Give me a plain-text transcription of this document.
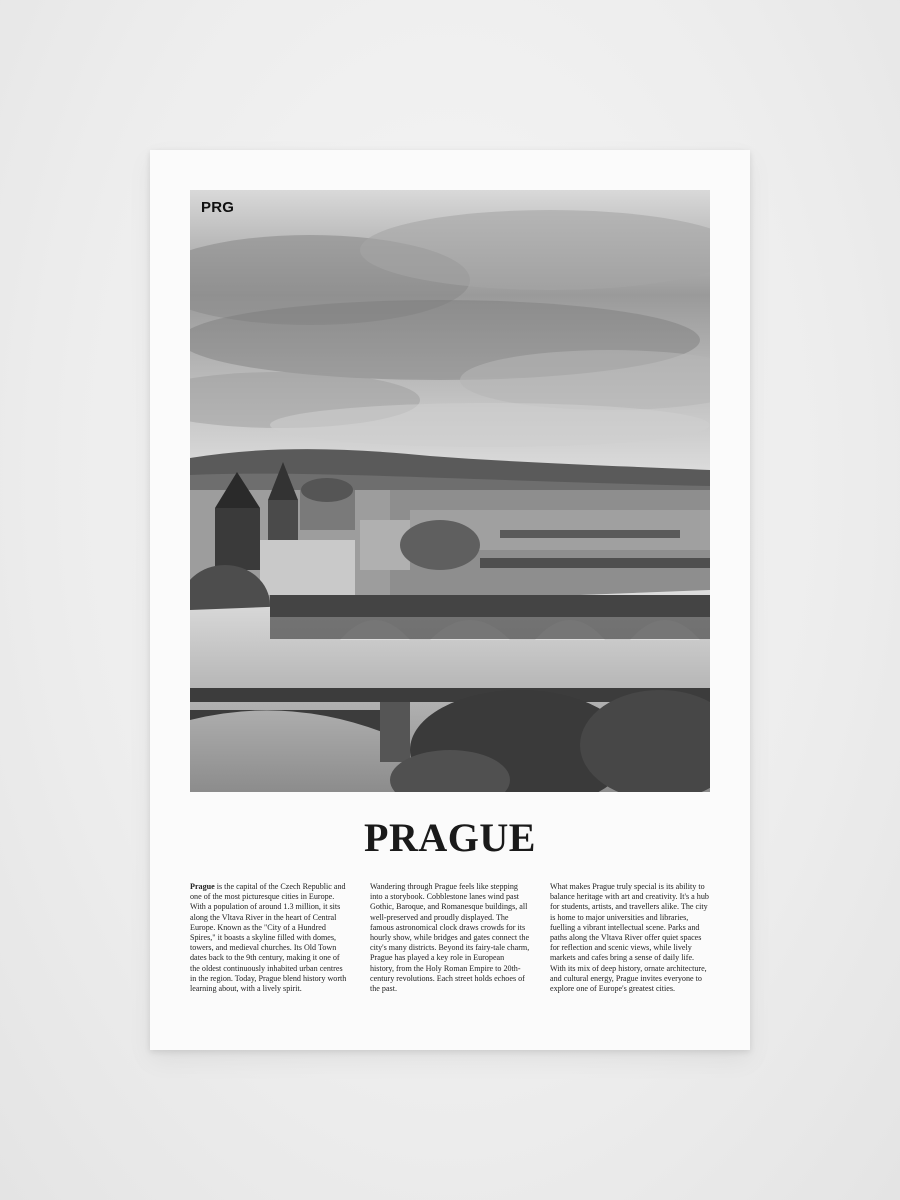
PRG
PRAGUE
Prague is the capital of the Czech Republic and one of the most picturesque cities in Europe. With a population of around 1.3 million, it sits along the Vltava River in the heart of Central Europe. Known as the "City of a Hundred Spires," it boasts a skyline filled with domes, towers, and medieval churches. Its Old Town dates back to the 9th century, making it one of the oldest continuously inhabited urban centres in the region. Today, Prague blend history worth learning about, with a lively spirit.
Wandering through Prague feels like stepping into a storybook. Cobblestone lanes wind past Gothic, Baroque, and Romanesque buildings, all well-preserved and proudly displayed. The famous astronomical clock draws crowds for its hourly show, while bridges and gates connect the city's many districts. Beyond its fairy-tale charm, Prague has played a key role in European history, from the Holy Roman Empire to 20th-century revolutions. Each street holds echoes of the past.
What makes Prague truly special is its ability to balance heritage with art and creativity. It's a hub for students, artists, and travellers alike. The city is home to major universities and libraries, fuelling a vibrant intellectual scene. Parks and paths along the Vltava River offer quiet spaces for reflection and scenic views, while lively markets and cafes bring a sense of daily life. With its mix of deep history, ornate architecture, and cultural energy, Prague invites everyone to explore one of Europe's greatest cities.
